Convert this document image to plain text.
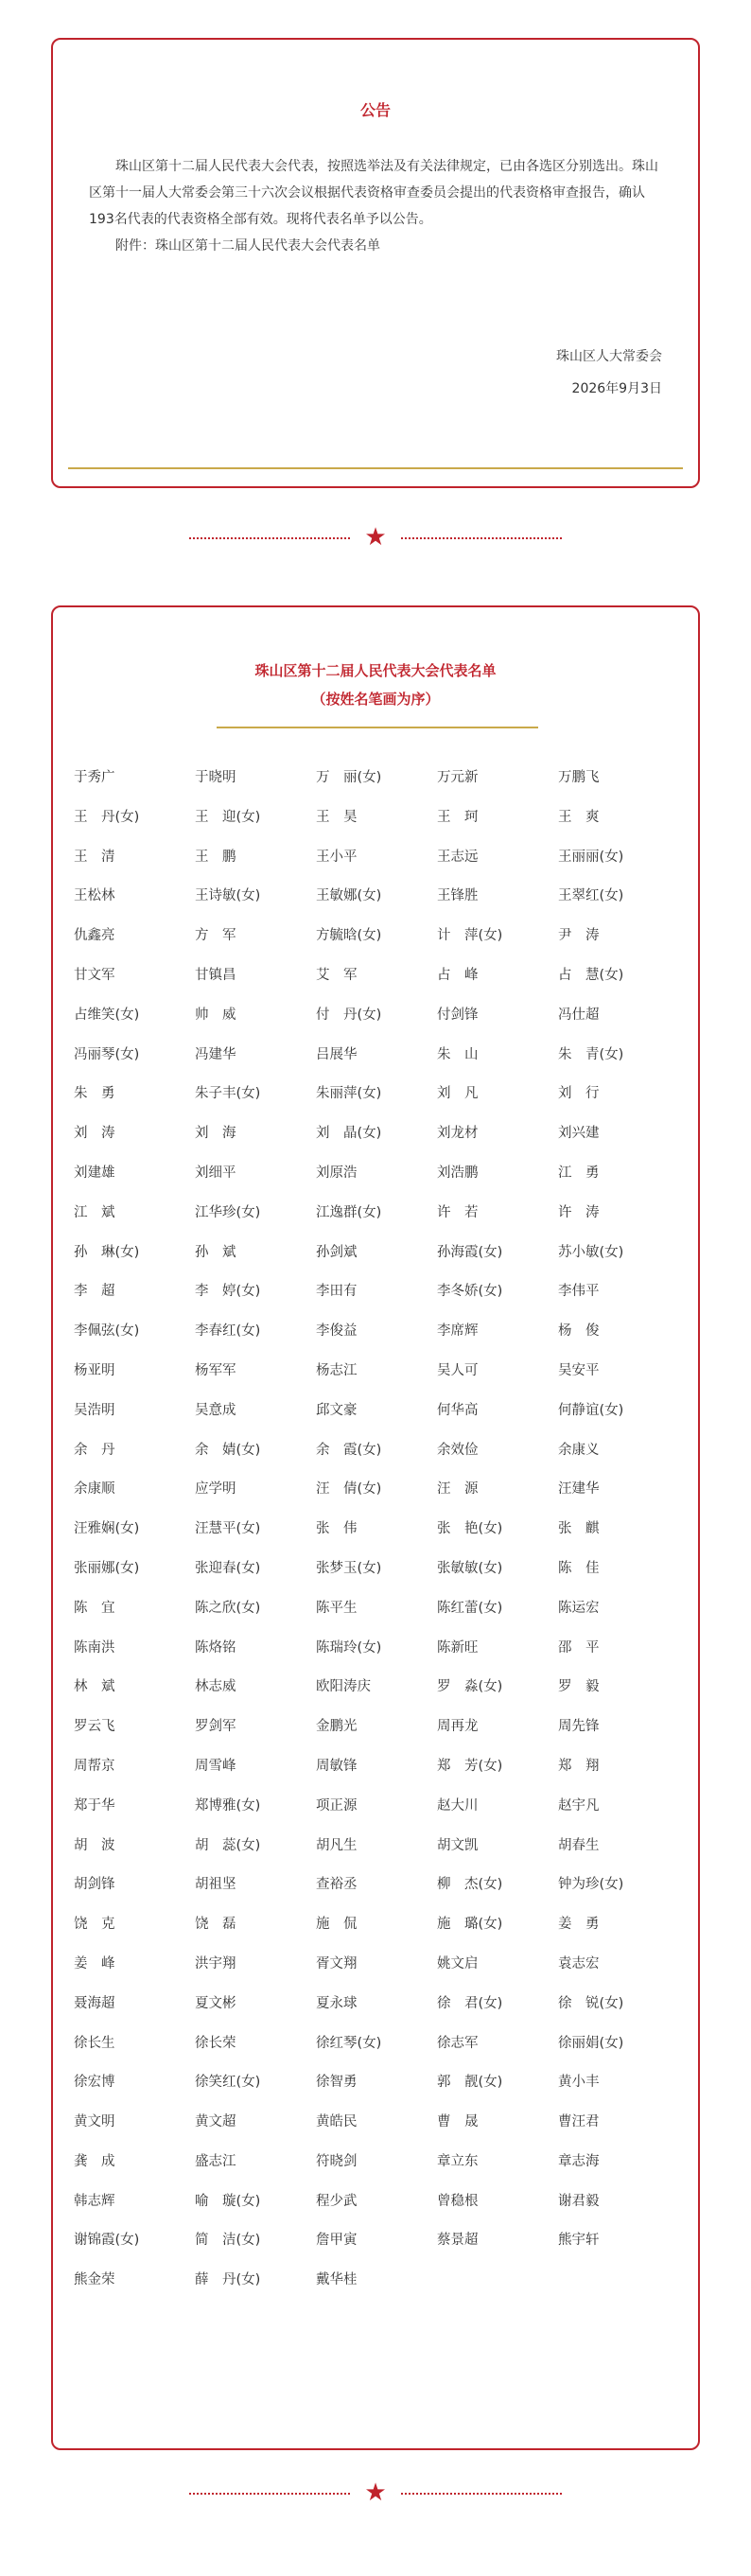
公告

珠山区第十二届人民代表大会代表，按照选举法及有关法律规定，已由各选区分别选出。珠山区第十一届人大常委会第三十六次会议根据代表资格审查委员会提出的代表资格审查报告，确认193名代表的代表资格全部有效。现将代表名单予以公告。

附件：珠山区第十二届人民代表大会代表名单

珠山区人大常委会
2026年9月3日
★
珠山区第十二届人民代表大会代表名单
（按姓名笔画为序）
于秀广	于晓明	万　丽(女)	万元新	万鹏飞
王　丹(女)	王　迎(女)	王　昊	王　珂	王　爽
王　清	王　鹏	王小平	王志远	王丽丽(女)
王松林	王诗敏(女)	王敏娜(女)	王锋胜	王翠红(女)
仇鑫亮	方　军	方毓晗(女)	计　萍(女)	尹　涛
甘文军	甘镇昌	艾　军	占　峰	占　慧(女)
占维笑(女)	帅　威	付　丹(女)	付剑锋	冯仕超
冯丽琴(女)	冯建华	吕展华	朱　山	朱　青(女)
朱　勇	朱子丰(女)	朱丽萍(女)	刘　凡	刘　行
刘　涛	刘　海	刘　晶(女)	刘龙材	刘兴建
刘建雄	刘细平	刘原浩	刘浩鹏	江　勇
江　斌	江华珍(女)	江逸群(女)	许　若	许　涛
孙　琳(女)	孙　斌	孙剑斌	孙海霞(女)	苏小敏(女)
李　超	李　婷(女)	李田有	李冬娇(女)	李伟平
李佩弦(女)	李春红(女)	李俊益	李席辉	杨　俊
杨亚明	杨军军	杨志江	吴人可	吴安平
吴浩明	吴意成	邱文豪	何华高	何静谊(女)
余　丹	余　婧(女)	余　霞(女)	余效俭	余康义
余康顺	应学明	汪　倩(女)	汪　源	汪建华
汪雅娴(女)	汪慧平(女)	张　伟	张　艳(女)	张　麒
张丽娜(女)	张迎春(女)	张梦玉(女)	张敏敏(女)	陈　佳
陈　宜	陈之欣(女)	陈平生	陈红蕾(女)	陈运宏
陈南洪	陈烙铭	陈瑞玲(女)	陈新旺	邵　平
林　斌	林志威	欧阳涛庆	罗　淼(女)	罗　毅
罗云飞	罗剑军	金鹏光	周再龙	周先锋
周帮京	周雪峰	周敏锋	郑　芳(女)	郑　翔
郑于华	郑博雅(女)	项正源	赵大川	赵宇凡
胡　波	胡　蕊(女)	胡凡生	胡文凯	胡春生
胡剑锋	胡祖坚	查裕丞	柳　杰(女)	钟为珍(女)
饶　克	饶　磊	施　侃	施　璐(女)	姜　勇
姜　峰	洪宇翔	胥文翔	姚文启	袁志宏
聂海超	夏文彬	夏永球	徐　君(女)	徐　锐(女)
徐长生	徐长荣	徐红琴(女)	徐志军	徐丽娟(女)
徐宏博	徐笑红(女)	徐智勇	郭　靓(女)	黄小丰
黄文明	黄文超	黄皓民	曹　晟	曹汪君
龚　成	盛志江	符晓剑	章立东	章志海
韩志辉	喻　璇(女)	程少武	曾稳根	谢君毅
谢锦霞(女)	简　洁(女)	詹甲寅	蔡景超	熊宇轩
熊金荣	薛　丹(女)	戴华桂
★
